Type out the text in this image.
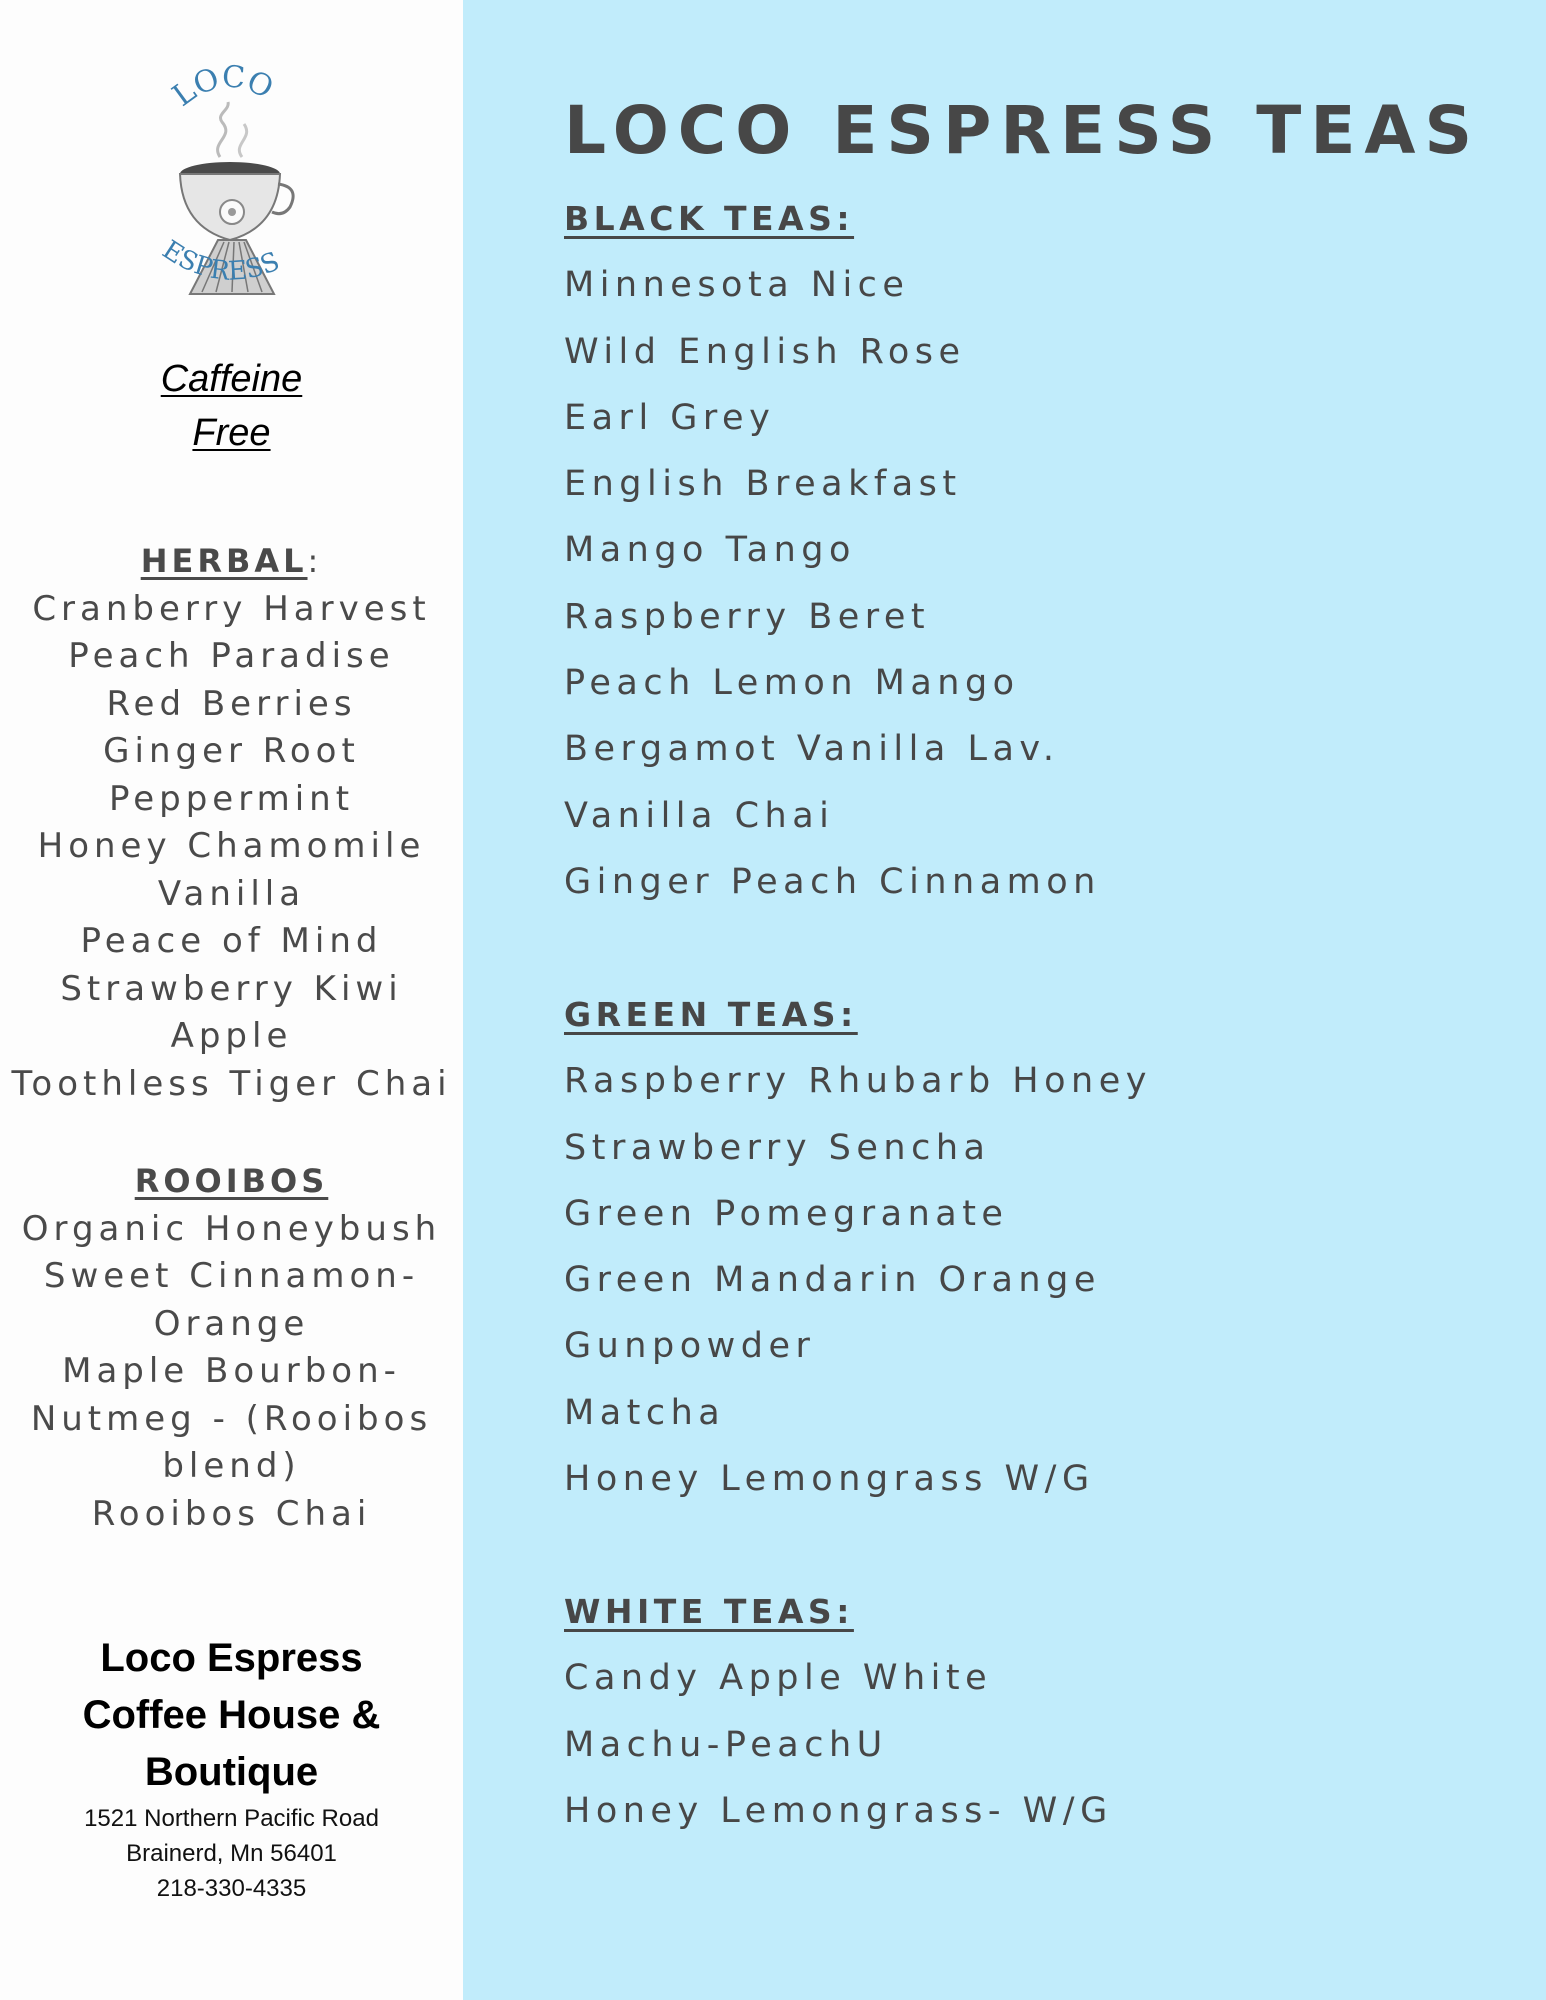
LOCO
ESPRESS
Caffeine
Free
HERBAL:
Cranberry Harvest
Peach Paradise
Red Berries
Ginger Root
Peppermint
Honey Chamomile
Vanilla
Peace of Mind
Strawberry Kiwi
Apple
Toothless Tiger Chai
ROOIBOS
Organic Honeybush
Sweet Cinnamon-
Orange
Maple Bourbon-
Nutmeg - (Rooibos
blend)
Rooibos Chai
Loco Espress
Coffee House &
Boutique
1521 Northern Pacific Road
Brainerd, Mn 56401
218-330-4335
LOCO ESPRESS TEAS
BLACK TEAS:
Minnesota Nice
Wild English Rose
Earl Grey
English Breakfast
Mango Tango
Raspberry Beret
Peach Lemon Mango
Bergamot Vanilla Lav.
Vanilla Chai
Ginger Peach Cinnamon
GREEN TEAS:
Raspberry Rhubarb Honey
Strawberry Sencha
Green Pomegranate
Green Mandarin Orange
Gunpowder
Matcha
Honey Lemongrass W/G
WHITE TEAS:
Candy Apple White
Machu-PeachU
Honey Lemongrass- W/G
